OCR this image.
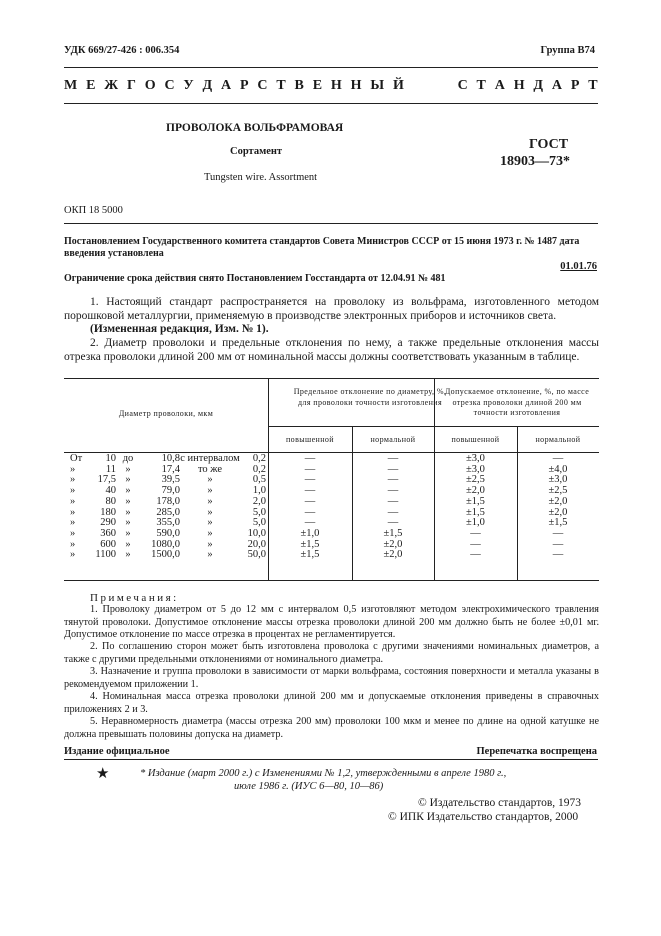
УДК 669/27-426 : 006.354	Группа В74
М Е Ж Г О С У Д А Р С Т В Е Н Н Ы Й	С Т А Н Д А Р Т
ПРОВОЛОКА ВОЛЬФРАМОВАЯ
Сортамент
Tungsten wire. Assortment
ГОСТ
18903—73*
ОКП 18 5000
Постановлением Государственного комитета стандартов Совета Министров СССР от 15 июня 1973 г. № 1487 дата введения установлена
01.01.76
Ограничение срока действия снято Постановлением Госстандарта от 12.04.91 № 481
1. Настоящий стандарт распространяется на проволоку из вольфрама, изготовленного методом порошковой металлургии, применяемую в производстве электронных приборов и источников света.
(Измененная редакция, Изм. № 1).
2. Диаметр проволоки и предельные отклонения по нему, а также предельные отклонения массы отрезка проволоки длиной 200 мм от номинальной массы должны соответствовать указанным в таблице.
Диаметр проволоки, мкм
Предельное отклонение по диаметру, %, для проволоки точности изготовления
Допускаемое отклонение, %, по массе отрезка проволоки длиной 200 мм точности изготовления
повышенной	нормальной	повышенной	нормальной
От	10 до	10,8 с интервалом	0,2	—	—	±3,0	—
»	11 »	17,4	то же	0,2	—	—	±3,0	±4,0
»	17,5 »	39,5	»	0,5	—	—	±2,5	±3,0
»	40 »	79,0	»	1,0	—	—	±2,0	±2,5
»	80 »	178,0	»	2,0	—	—	±1,5	±2,0
»	180 »	285,0	»	5,0	—	—	±1,5	±2,0
»	290 »	355,0	»	5,0	—	—	±1,0	±1,5
»	360 »	590,0	»	10,0	±1,0	±1,5	—	—
»	600 »	1080,0	»	20,0	±1,5	±2,0	—	—
»	1100 »	1500,0	»	50,0	±1,5	±2,0	—	—
Примечания:
1. Проволоку диаметром от 5 до 12 мм с интервалом 0,5 изготовляют методом электрохимического травления тянутой проволоки. Допустимое отклонение массы отрезка проволоки длиной 200 мм должно быть не более ±0,01 мг. Допустимое отклонение по массе отрезка в процентах не регламентируется.
2. По соглашению сторон может быть изготовлена проволока с другими значениями номинальных диаметров, а также с другими предельными отклонениями от номинального диаметра.
3. Назначение и группа проволоки в зависимости от марки вольфрама, состояния поверхности и металла указаны в рекомендуемом приложении 1.
4. Номинальная масса отрезка проволоки длиной 200 мм и допускаемые отклонения приведены в справочных приложениях 2 и 3.
5. Неравномерность диаметра (массы отрезка 200 мм) проволоки 100 мкм и менее по длине на одной катушке не должна превышать половины допуска на диаметр.
Издание официальное	Перепечатка воспрещена
★	* Издание (март 2000 г.) с Изменениями № 1,2, утвержденными в апреле 1980 г.,
июле 1986 г. (ИУС 6—80, 10—86)
© Издательство стандартов, 1973
© ИПК Издательство стандартов, 2000
